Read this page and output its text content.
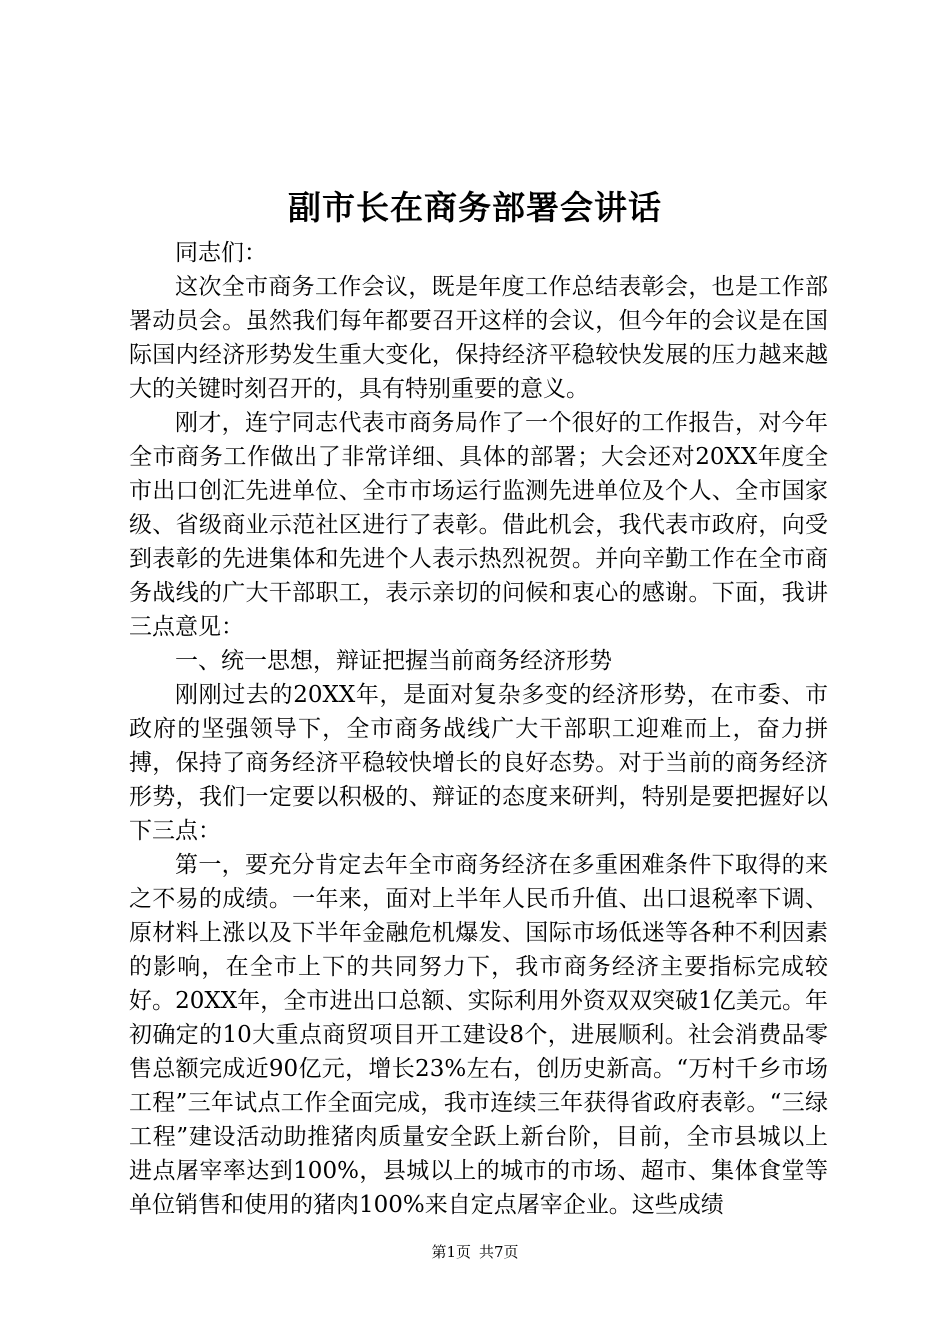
副市长在商务部署会讲话

同志们：

这次全市商务工作会议，既是年度工作总结表彰会，也是工作部署动员会。虽然我们每年都要召开这样的会议，但今年的会议是在国际国内经济形势发生重大变化，保持经济平稳较快发展的压力越来越大的关键时刻召开的，具有特别重要的意义。

刚才，连宁同志代表市商务局作了一个很好的工作报告，对今年全市商务工作做出了非常详细、具体的部署；大会还对20XX年度全市出口创汇先进单位、全市市场运行监测先进单位及个人、全市国家级、省级商业示范社区进行了表彰。借此机会，我代表市政府，向受到表彰的先进集体和先进个人表示热烈祝贺。并向辛勤工作在全市商务战线的广大干部职工，表示亲切的问候和衷心的感谢。下面，我讲三点意见：

一、统一思想，辩证把握当前商务经济形势

刚刚过去的20XX年，是面对复杂多变的经济形势，在市委、市政府的坚强领导下，全市商务战线广大干部职工迎难而上，奋力拼搏，保持了商务经济平稳较快增长的良好态势。对于当前的商务经济形势，我们一定要以积极的、辩证的态度来研判，特别是要把握好以下三点：

第一，要充分肯定去年全市商务经济在多重困难条件下取得的来之不易的成绩。一年来，面对上半年人民币升值、出口退税率下调、原材料上涨以及下半年金融危机爆发、国际市场低迷等各种不利因素的影响，在全市上下的共同努力下，我市商务经济主要指标完成较好。20XX年，全市进出口总额、实际利用外资双双突破1亿美元。年初确定的10大重点商贸项目开工建设8个，进展顺利。社会消费品零售总额完成近90亿元，增长23%左右，创历史新高。“万村千乡市场工程”三年试点工作全面完成，我市连续三年获得省政府表彰。“三绿工程”建设活动助推猪肉质量安全跃上新台阶，目前，全市县城以上进点屠宰率达到100%，县城以上的城市的市场、超市、集体食堂等单位销售和使用的猪肉100%来自定点屠宰企业。这些成绩

第1页 共7页
